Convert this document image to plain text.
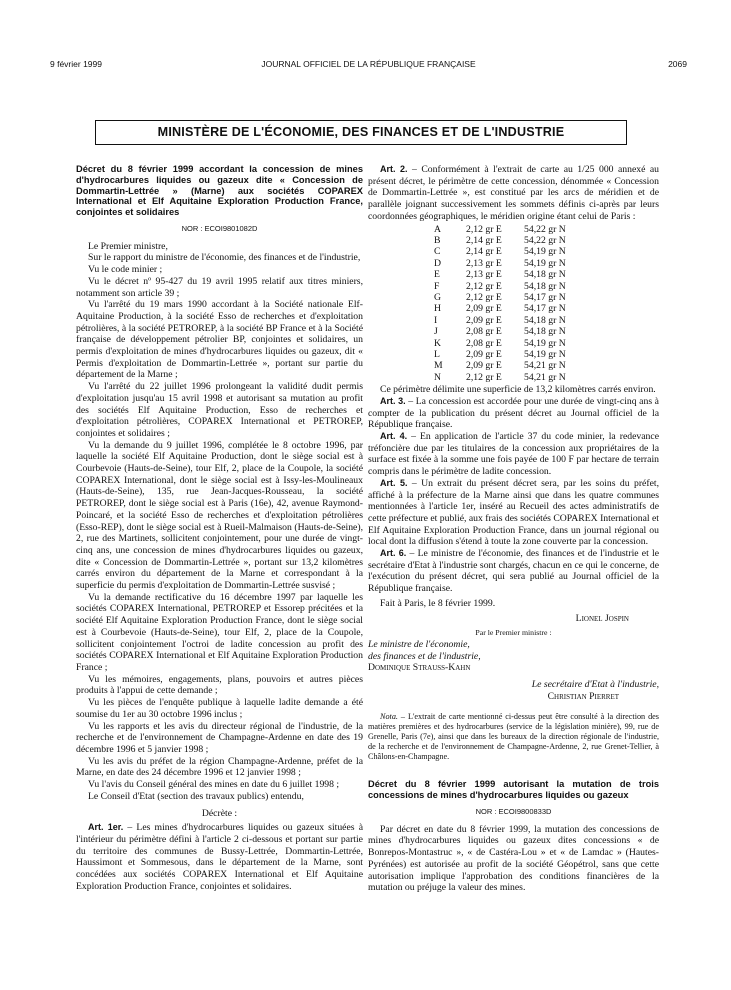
9 février 1999	JOURNAL OFFICIEL DE LA RÉPUBLIQUE FRANÇAISE	2069
MINISTÈRE DE L'ÉCONOMIE, DES FINANCES ET DE L'INDUSTRIE

Décret du 8 février 1999 accordant la concession de mines d'hydrocarbures liquides ou gazeux dite « Concession de Dommartin-Lettrée » (Marne) aux sociétés COPAREX International et Elf Aquitaine Exploration Production France, conjointes et solidaires

NOR : ECOI9801082D

Le Premier ministre,

Sur le rapport du ministre de l'économie, des finances et de l'industrie,

Vu le code minier ;

Vu le décret nº 95-427 du 19 avril 1995 relatif aux titres miniers, notamment son article 39 ;

Vu l'arrêté du 19 mars 1990 accordant à la Société nationale Elf-Aquitaine Production, à la société Esso de recherches et d'exploitation pétrolières, à la société PETROREP, à la société BP France et à la Société française de développement pétrolier BP, conjointes et solidaires, un permis d'exploitation de mines d'hydrocarbures liquides ou gazeux, dit « Permis d'exploitation de Dommartin-Lettrée », portant sur partie du département de la Marne ;

Vu l'arrêté du 22 juillet 1996 prolongeant la validité dudit permis d'exploitation jusqu'au 15 avril 1998 et autorisant sa mutation au profit des sociétés Elf Aquitaine Production, Esso de recherches et d'exploitation pétrolières, COPAREX International et PETROREP, conjointes et solidaires ;

Vu la demande du 9 juillet 1996, complétée le 8 octobre 1996, par laquelle la société Elf Aquitaine Production, dont le siège social est à Courbevoie (Hauts-de-Seine), tour Elf, 2, place de la Coupole, la société COPAREX International, dont le siège social est à Issy-les-Moulineaux (Hauts-de-Seine), 135, rue Jean-Jacques-Rousseau, la société PETROREP, dont le siège social est à Paris (16e), 42, avenue Raymond-Poincaré, et la société Esso de recherches et d'exploitation pétrolières (Esso-REP), dont le siège social est à Rueil-Malmaison (Hauts-de-Seine), 2, rue des Martinets, sollicitent conjointement, pour une durée de vingt-cinq ans, une concession de mines d'hydrocarbures liquides ou gazeux, dite « Concession de Dommartin-Lettrée », portant sur 13,2 kilomètres carrés environ du département de la Marne et correspondant à la superficie du permis d'exploitation de Dommartin-Lettrée susvisé ;

Vu la demande rectificative du 16 décembre 1997 par laquelle les sociétés COPAREX International, PETROREP et Essorep précitées et la société Elf Aquitaine Exploration Production France, dont le siège social est à Courbevoie (Hauts-de-Seine), tour Elf, 2, place de la Coupole, sollicitent conjointement l'octroi de ladite concession au profit des sociétés COPAREX International et Elf Aquitaine Exploration Production France ;

Vu les mémoires, engagements, plans, pouvoirs et autres pièces produits à l'appui de cette demande ;

Vu les pièces de l'enquête publique à laquelle ladite demande a été soumise du 1er au 30 octobre 1996 inclus ;

Vu les rapports et les avis du directeur régional de l'industrie, de la recherche et de l'environnement de Champagne-Ardenne en date des 19 décembre 1996 et 5 janvier 1998 ;

Vu les avis du préfet de la région Champagne-Ardenne, préfet de la Marne, en date des 24 décembre 1996 et 12 janvier 1998 ;

Vu l'avis du Conseil général des mines en date du 6 juillet 1998 ;

Le Conseil d'Etat (section des travaux publics) entendu,

Décrète :

Art. 1er. – Les mines d'hydrocarbures liquides ou gazeux situées à l'intérieur du périmètre défini à l'article 2 ci-dessous et portant sur partie du territoire des communes de Bussy-Lettrée, Dommartin-Lettrée, Haussimont et Sommesous, dans le département de la Marne, sont concédées aux sociétés COPAREX International et Elf Aquitaine Exploration Production France, conjointes et solidaires.

Art. 2. – Conformément à l'extrait de carte au 1/25 000 annexé au présent décret, le périmètre de cette concession, dénommée « Concession de Dommartin-Lettrée », est constitué par les arcs de méridien et de parallèle joignant successivement les sommets définis ci-après par leurs coordonnées géographiques, le méridien origine étant celui de Paris :

A	2,12 gr E	54,22 gr N
B	2,14 gr E	54,22 gr N
C	2,14 gr E	54,19 gr N
D	2,13 gr E	54,19 gr N
E	2,13 gr E	54,18 gr N
F	2,12 gr E	54,18 gr N
G	2,12 gr E	54,17 gr N
H	2,09 gr E	54,17 gr N
I	2,09 gr E	54,18 gr N
J	2,08 gr E	54,18 gr N
K	2,08 gr E	54,19 gr N
L	2,09 gr E	54,19 gr N
M	2,09 gr E	54,21 gr N
N	2,12 gr E	54,21 gr N

Ce périmètre délimite une superficie de 13,2 kilomètres carrés environ.

Art. 3. – La concession est accordée pour une durée de vingt-cinq ans à compter de la publication du présent décret au Journal officiel de la République française.

Art. 4. – En application de l'article 37 du code minier, la redevance tréfoncière due par les titulaires de la concession aux propriétaires de la surface est fixée à la somme une fois payée de 100 F par hectare de terrain compris dans le périmètre de ladite concession.

Art. 5. – Un extrait du présent décret sera, par les soins du préfet, affiché à la préfecture de la Marne ainsi que dans les quatre communes mentionnées à l'article 1er, inséré au Recueil des actes administratifs de cette préfecture et publié, aux frais des sociétés COPAREX International et Elf Aquitaine Exploration Production France, dans un journal régional ou local dont la diffusion s'étend à toute la zone couverte par la concession.

Art. 6. – Le ministre de l'économie, des finances et de l'industrie et le secrétaire d'Etat à l'industrie sont chargés, chacun en ce qui le concerne, de l'exécution du présent décret, qui sera publié au Journal officiel de la République française.

Fait à Paris, le 8 février 1999.

Lionel Jospin

Par le Premier ministre :

Le ministre de l'économie,

des finances et de l'industrie,

Dominique Strauss-Kahn

Le secrétaire d'Etat à l'industrie,

Christian Pierret

Nota. – L'extrait de carte mentionné ci-dessus peut être consulté à la direction des matières premières et des hydrocarbures (service de la législation minière), 99, rue de Grenelle, Paris (7e), ainsi que dans les bureaux de la direction régionale de l'industrie, de la recherche et de l'environnement de Champagne-Ardenne, 2, rue Grenet-Tellier, à Châlons-en-Champagne.

Décret du 8 février 1999 autorisant la mutation de trois concessions de mines d'hydrocarbures liquides ou gazeux

NOR : ECOI9800833D

Par décret en date du 8 février 1999, la mutation des concessions de mines d'hydrocarbures liquides ou gazeux dites concessions « de Bonrepos-Montastruc », « de Castéra-Lou » et « de Lamdac » (Hautes-Pyrénées) est autorisée au profit de la société Géopétrol, sans que cette autorisation implique l'approbation des conditions financières de la mutation ou préjuge la valeur des mines.
